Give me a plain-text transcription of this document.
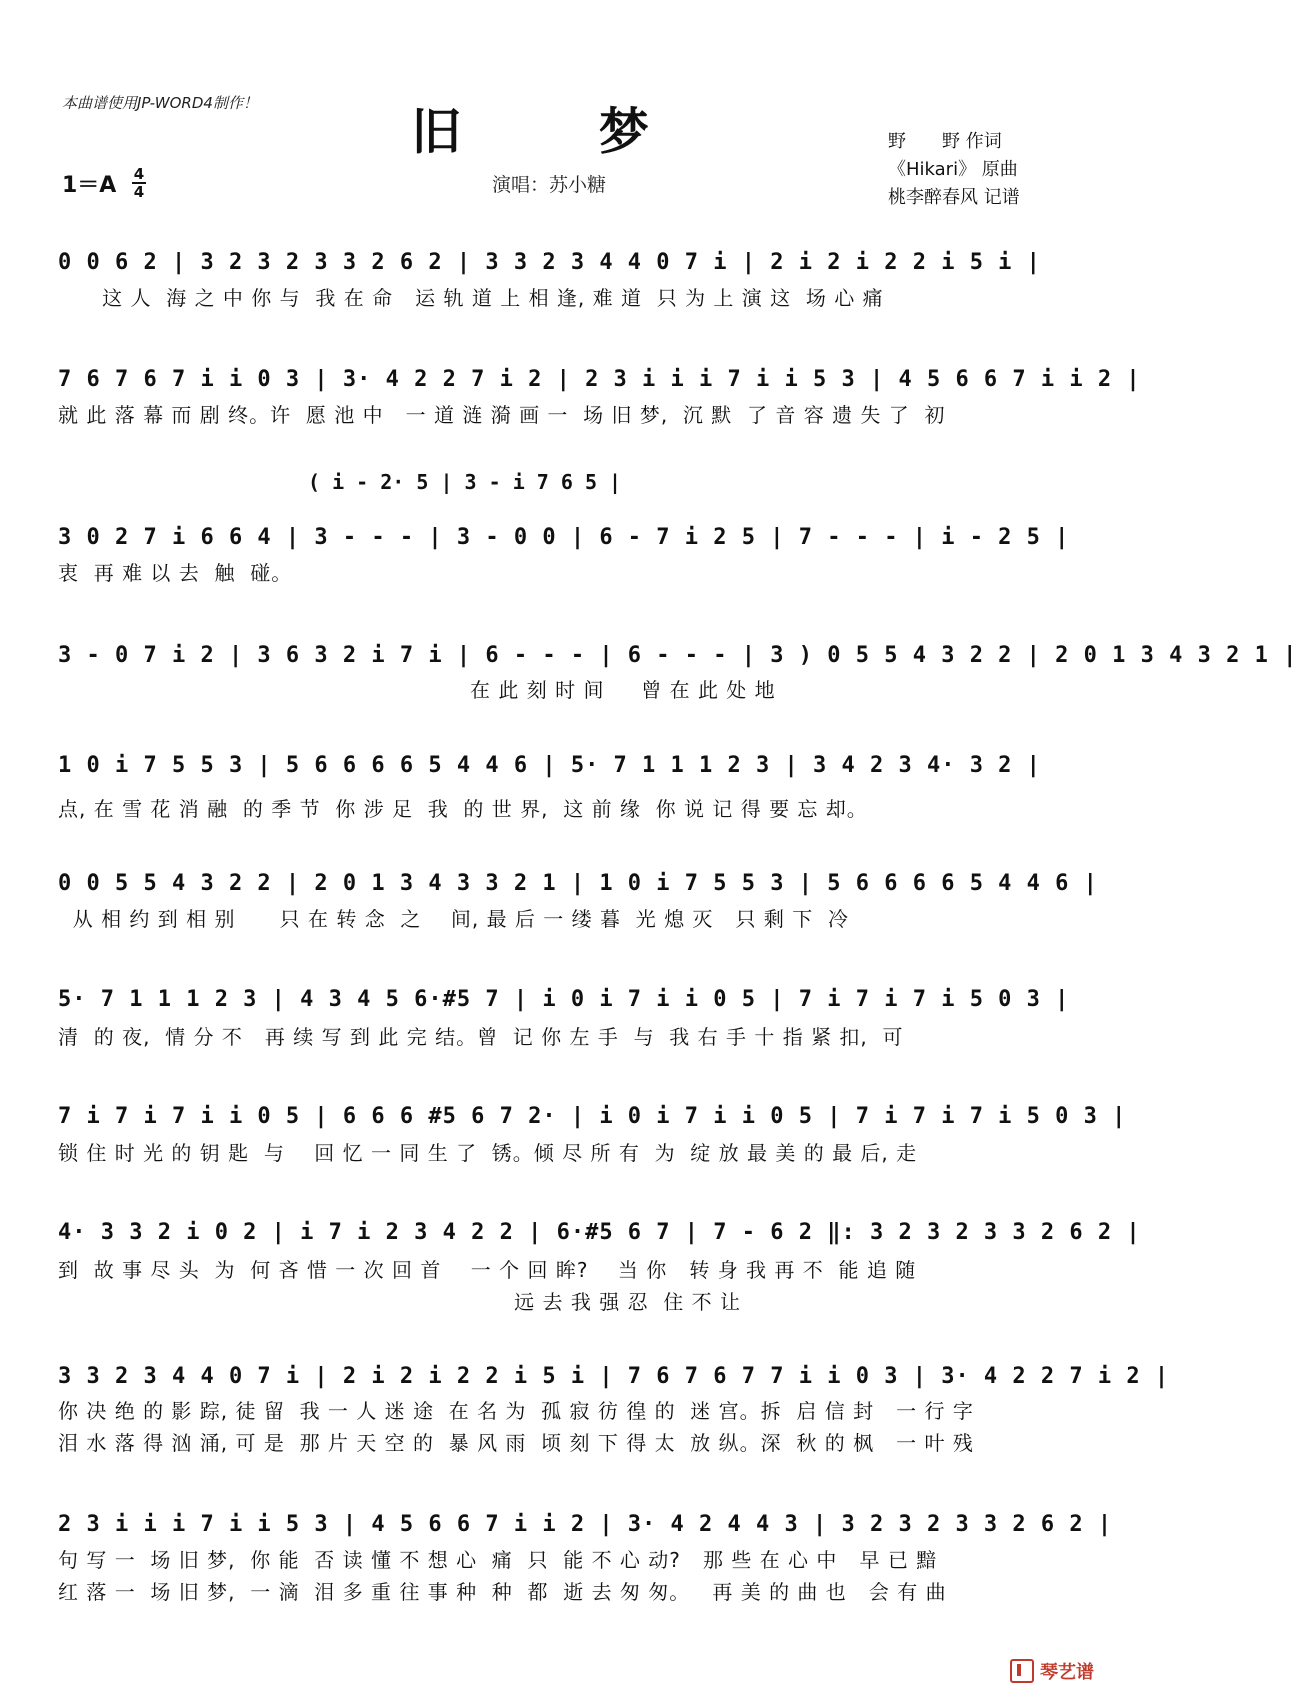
本曲谱使用JP-WORD4制作！	旧 梦
1＝A 4
4	演唱：苏小糖
野　　野 作词
《Hikari》 原曲
桃李醉春风 记谱
0 0 6 2 | 3 2 3 2 3 3 2 6 2 | 3 3 2 3 4 4 0 7 i | 2 i 2 i 2 2 i 5 i |
这 人  海 之 中 你 与  我 在 命   运 轨 道 上 相 逢, 难 道  只 为 上 演 这  场 心 痛
7 6 7 6 7 i i 0 3 | 3· 4 2 2 7 i 2 | 2 3 i i i 7 i i 5 3 | 4 5 6 6 7 i i 2 |
就 此 落 幕 而 剧 终。许  愿 池 中   一 道 涟 漪 画 一  场 旧 梦,  沉 默  了 音 容 遗 失 了  初
( i - 2· 5 | 3 - i 7 6 5 |
3 0 2 7 i 6 6 4 | 3 - - - | 3 - 0 0 | 6 - 7 i 2 5 | 7 - - - | i - 2 5 |
衷  再 难 以 去  触  碰。
3 - 0 7 i 2 | 3 6 3 2 i 7 i | 6 - - - | 6 - - - | 3 ) 0 5 5 4 3 2 2 | 2 0 1 3 4 3 2 1 |
在 此 刻 时 间     曾 在 此 处 地
1 0 i 7 5 5 3 | 5 6 6 6 6 5 4 4 6 | 5· 7 1 1 1 2 3 | 3 4 2 3 4· 3 2 |
点, 在 雪 花 消 融  的 季 节  你 涉 足  我  的 世 界,  这 前 缘  你 说 记 得 要 忘 却。
0 0 5 5 4 3 2 2 | 2 0 1 3 4 3 3 2 1 | 1 0 i 7 5 5 3 | 5 6 6 6 6 5 4 4 6 |
从 相 约 到 相 别      只 在 转 念  之    间, 最 后 一 缕 暮  光 熄 灭   只 剩 下  冷
5· 7 1 1 1 2 3 | 4 3 4 5 6·#5 7 | i 0 i 7 i i 0 5 | 7 i 7 i 7 i 5 0 3 |
清  的 夜,  情 分 不   再 续 写 到 此 完 结。曾  记 你 左 手  与  我 右 手 十 指 紧 扣,  可
7 i 7 i 7 i i 0 5 | 6 6 6 #5 6 7 2· | i 0 i 7 i i 0 5 | 7 i 7 i 7 i 5 0 3 |
锁 住 时 光 的 钥 匙  与    回 忆 一 同 生 了  锈。倾 尽 所 有  为  绽 放 最 美 的 最 后, 走
4· 3 3 2 i 0 2 | i 7 i 2 3 4 2 2 | 6·#5 6 7 | 7 - 6 2 ‖: 3 2 3 2 3 3 2 6 2 |
到  故 事 尽 头  为  何 吝 惜 一 次 回 首    一 个 回 眸?    当 你   转 身 我 再 不  能 追 随
远 去 我 强 忍  住 不 让
3 3 2 3 4 4 0 7 i | 2 i 2 i 2 2 i 5 i | 7 6 7 6 7 7 i i 0 3 | 3· 4 2 2 7 i 2 |
你 决 绝 的 影 踪, 徒 留  我 一 人 迷 途  在 名 为  孤 寂 彷 徨 的  迷 宫。拆  启 信 封   一 行 字
泪 水 落 得 汹 涌, 可 是  那 片 天 空 的  暴 风 雨  顷 刻 下 得 太  放 纵。深  秋 的 枫   一 叶 残
2 3 i i i 7 i i 5 3 | 4 5 6 6 7 i i 2 | 3· 4 2 4 4 3 | 3 2 3 2 3 3 2 6 2 |
句 写 一  场 旧 梦,  你 能  否 读 懂 不 想 心  痛  只  能 不 心 动?   那 些 在 心 中   早 已 黯
红 落 一  场 旧 梦,  一 滴  泪 多 重 往 事 种  种  都  逝 去 匆 匆。   再 美 的 曲 也   会 有 曲
琴艺谱
